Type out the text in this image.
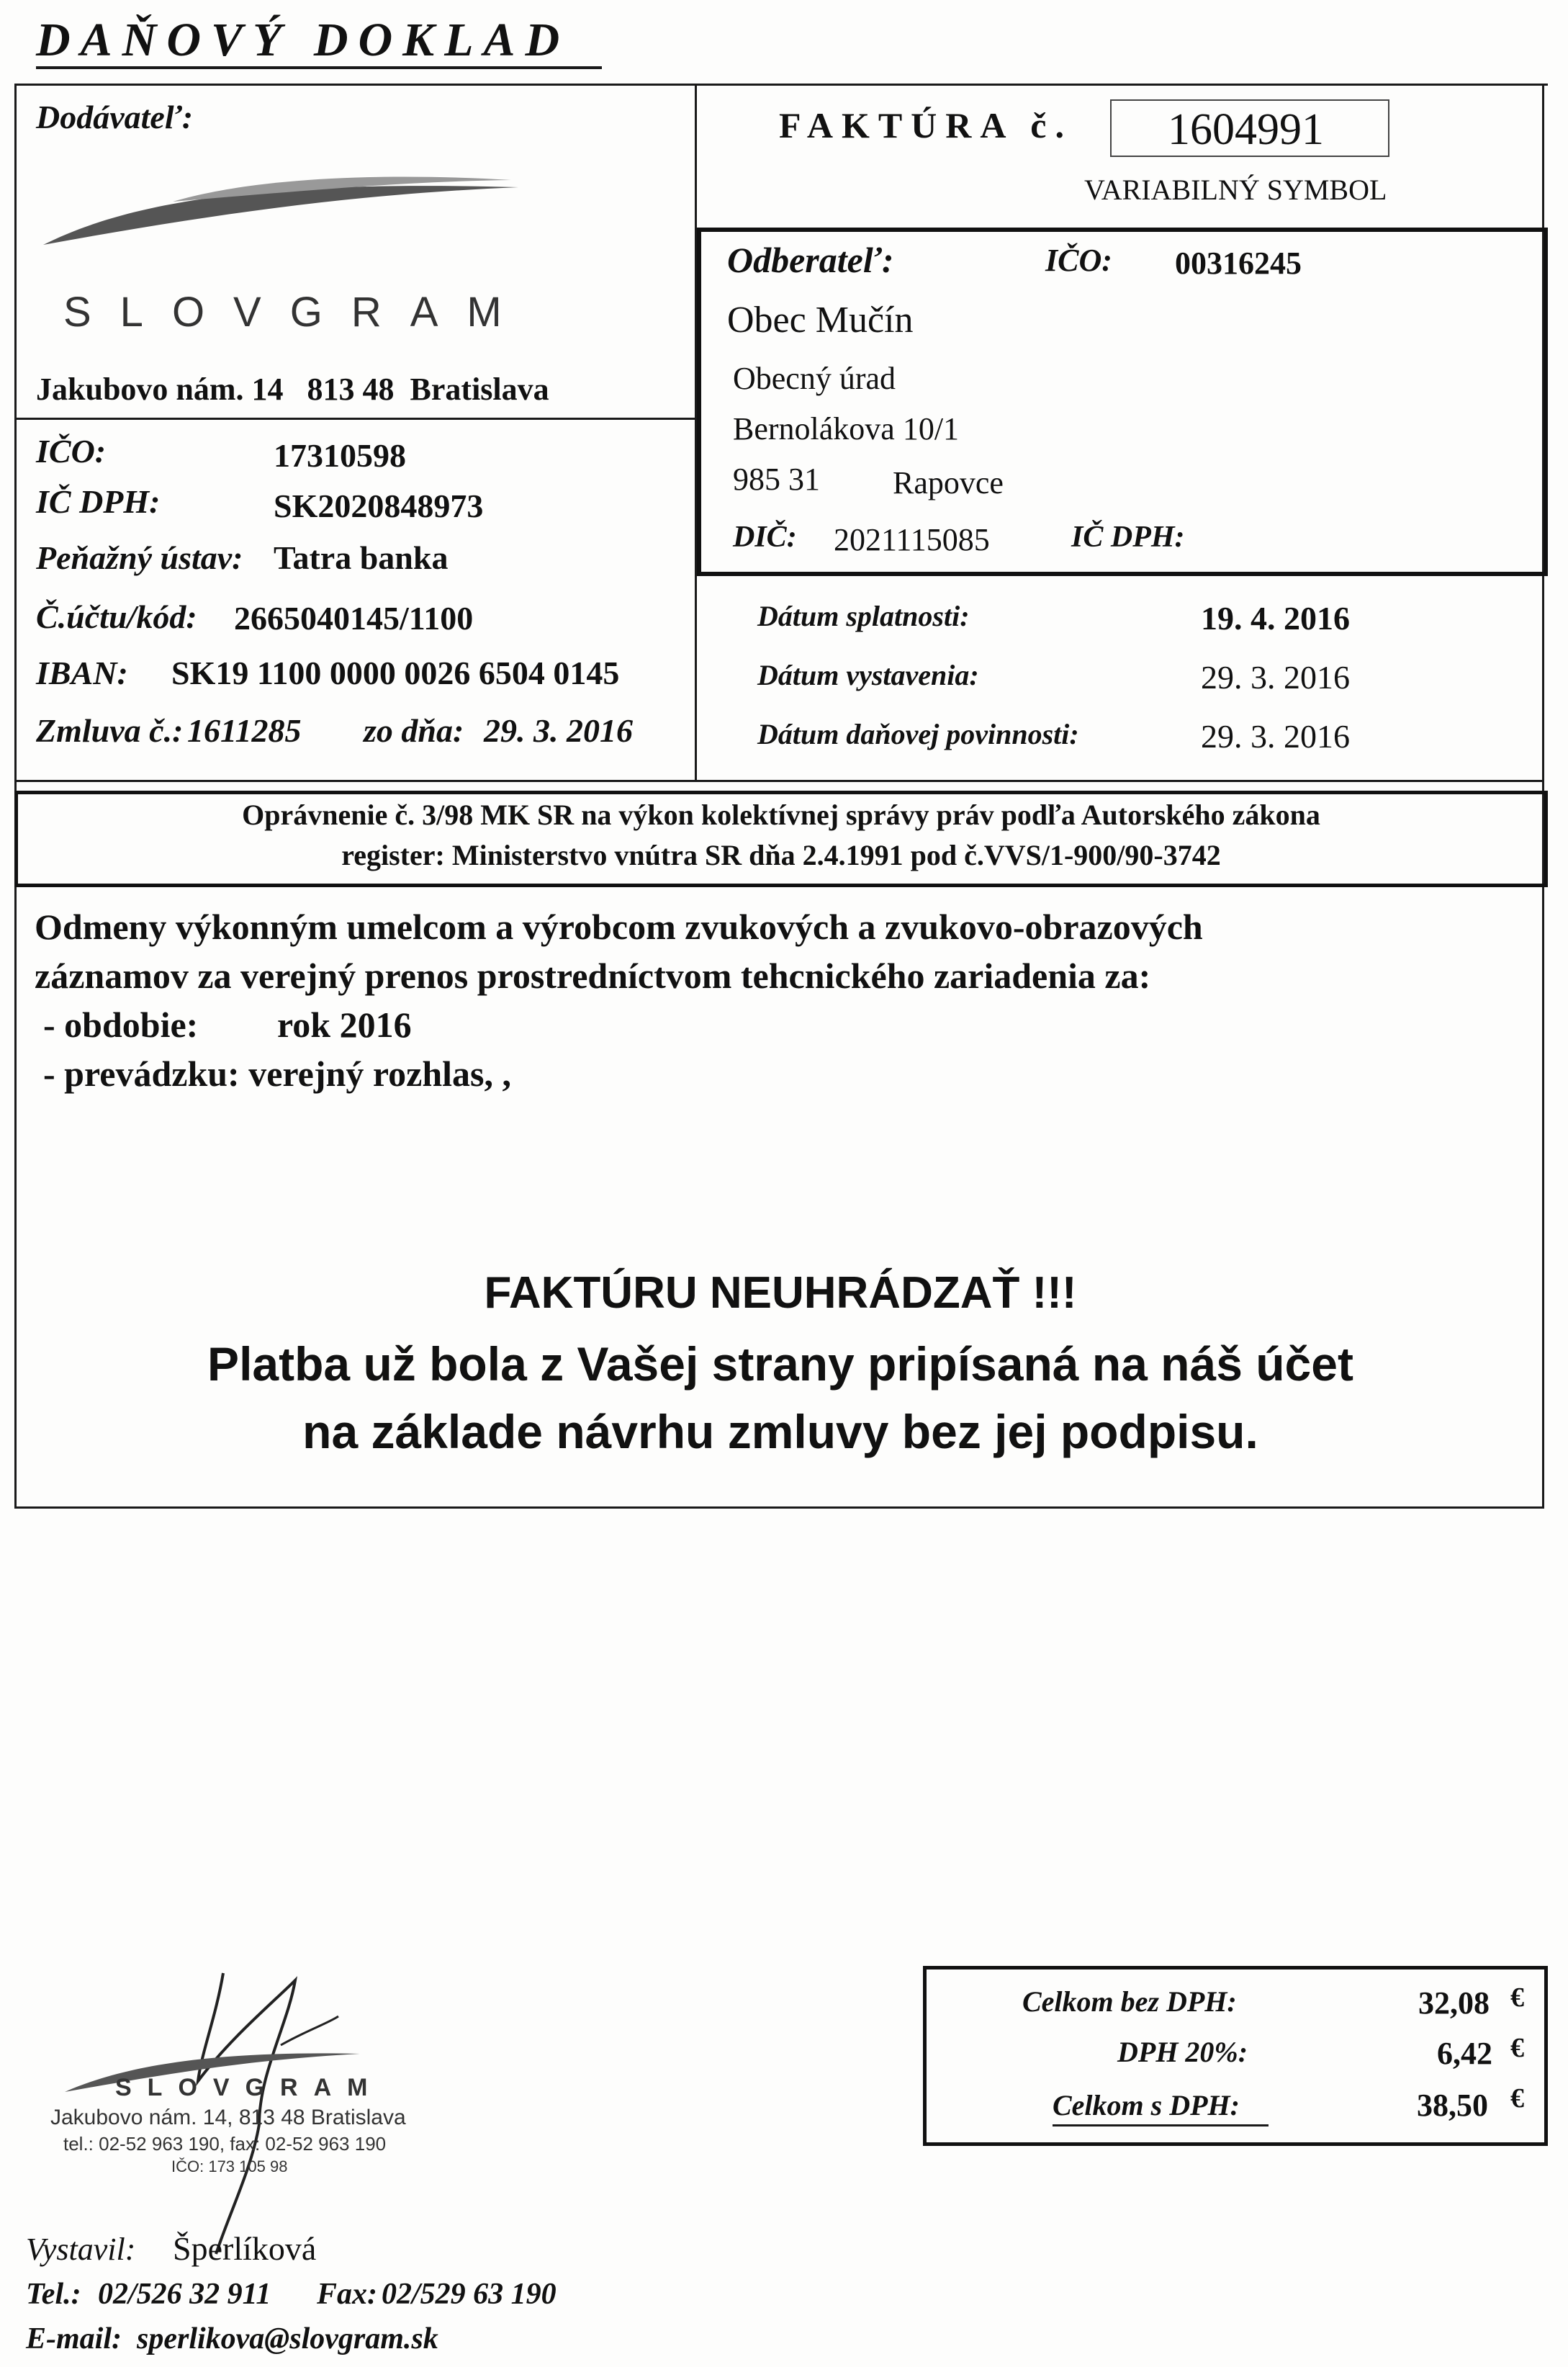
DAŇOVÝ DOKLAD
Dodávateľ:
SLOVGRAM
Jakubovo nám. 14   813 48  Bratislava
IČO:	17310598
IČ DPH:	SK2020848973
Peňažný ústav: Tatra banka
Č.účtu/kód: 2665040145/1100
IBAN: SK19 1100 0000 0026 6504 0145
Zmluva č.: 1611285 zo dňa: 29. 3. 2016
FAKTÚRA č. 1604991
VARIABILNÝ SYMBOL
Odberateľ:	IČO: 00316245
Obec Mučín
Obecný úrad
Bernolákova 10/1
985 31 Rapovce
DIČ: 2021115085	IČ DPH:
Dátum splatnosti:	19. 4. 2016
Dátum vystavenia:	29. 3. 2016
Dátum daňovej povinnosti:	29. 3. 2016
Oprávnenie č. 3/98 MK SR na výkon kolektívnej správy práv podľa Autorského zákona
register: Ministerstvo vnútra SR dňa 2.4.1991 pod č.VVS/1-900/90-3742
Odmeny výkonným umelcom a výrobcom zvukových a zvukovo-obrazových
záznamov za verejný prenos prostredníctvom tehcnického zariadenia za:
- obdobie: rok 2016
- prevádzku: verejný rozhlas, ,
FAKTÚRU NEUHRÁDZAŤ !!!
Platba už bola z Vašej strany pripísaná na náš účet
na základe návrhu zmluvy bez jej podpisu.
SLOVGRAM
Jakubovo nám. 14, 813 48 Bratislava
tel.: 02-52 963 190, fax: 02-52 963 190
IČO: 173 105 98
Celkom bez DPH:	32,08 €
DPH 20%:	6,42 €
Celkom s DPH:	38,50 €
Vystavil: Šperlíková
Tel.: 02/526 32 911 Fax: 02/529 63 190
E-mail: sperlikova@slovgram.sk
